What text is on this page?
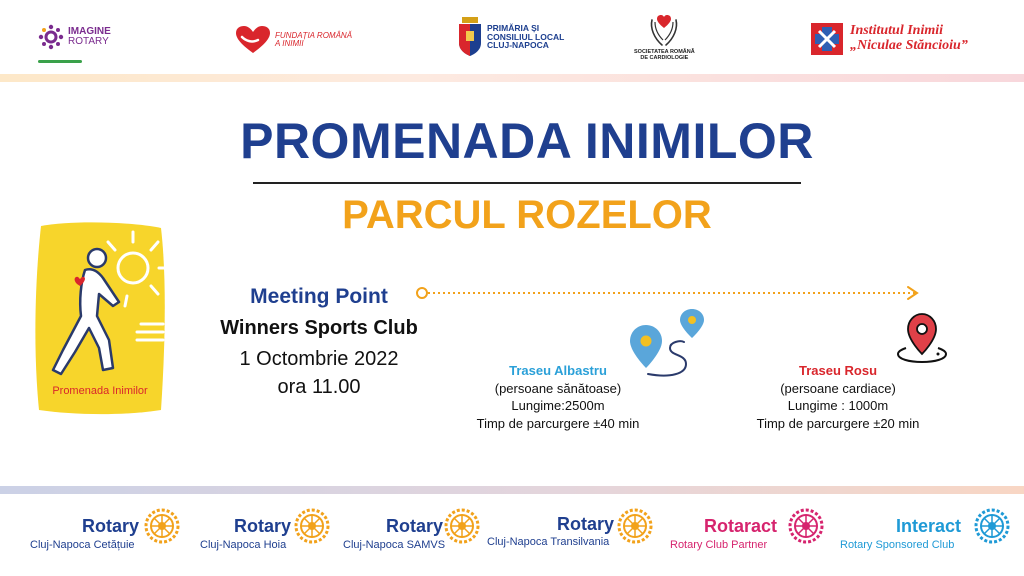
IMAGINE
ROTARY
FUNDAȚIA ROMÂNĂ
A INIMII
PRIMĂRIA ȘI
CONSILIUL LOCAL
CLUJ-NAPOCA
SOCIETATEA ROMÂNĂ
DE CARDIOLOGIE
Institutul Inimii
„Niculae Stăncioiu”
PROMENADA INIMILOR
PARCUL ROZELOR
Promenada Inimilor
Meeting Point
Winners Sports Club
1 Octombrie 2022
ora 11.00
Traseu Albastru
(persoane sănătoase)
Lungime:2500m
Timp de parcurgere ±40 min
Traseu Rosu
(persoane cardiace)
Lungime : 1000m
Timp de parcurgere ±20 min
Rotary
Cluj-Napoca Cetățuie
Rotary
Cluj-Napoca Hoia
Rotary
Cluj-Napoca SAMVS
Rotary
Cluj-Napoca Transilvania
Rotaract
Rotary Club Partner
Interact
Rotary Sponsored Club
